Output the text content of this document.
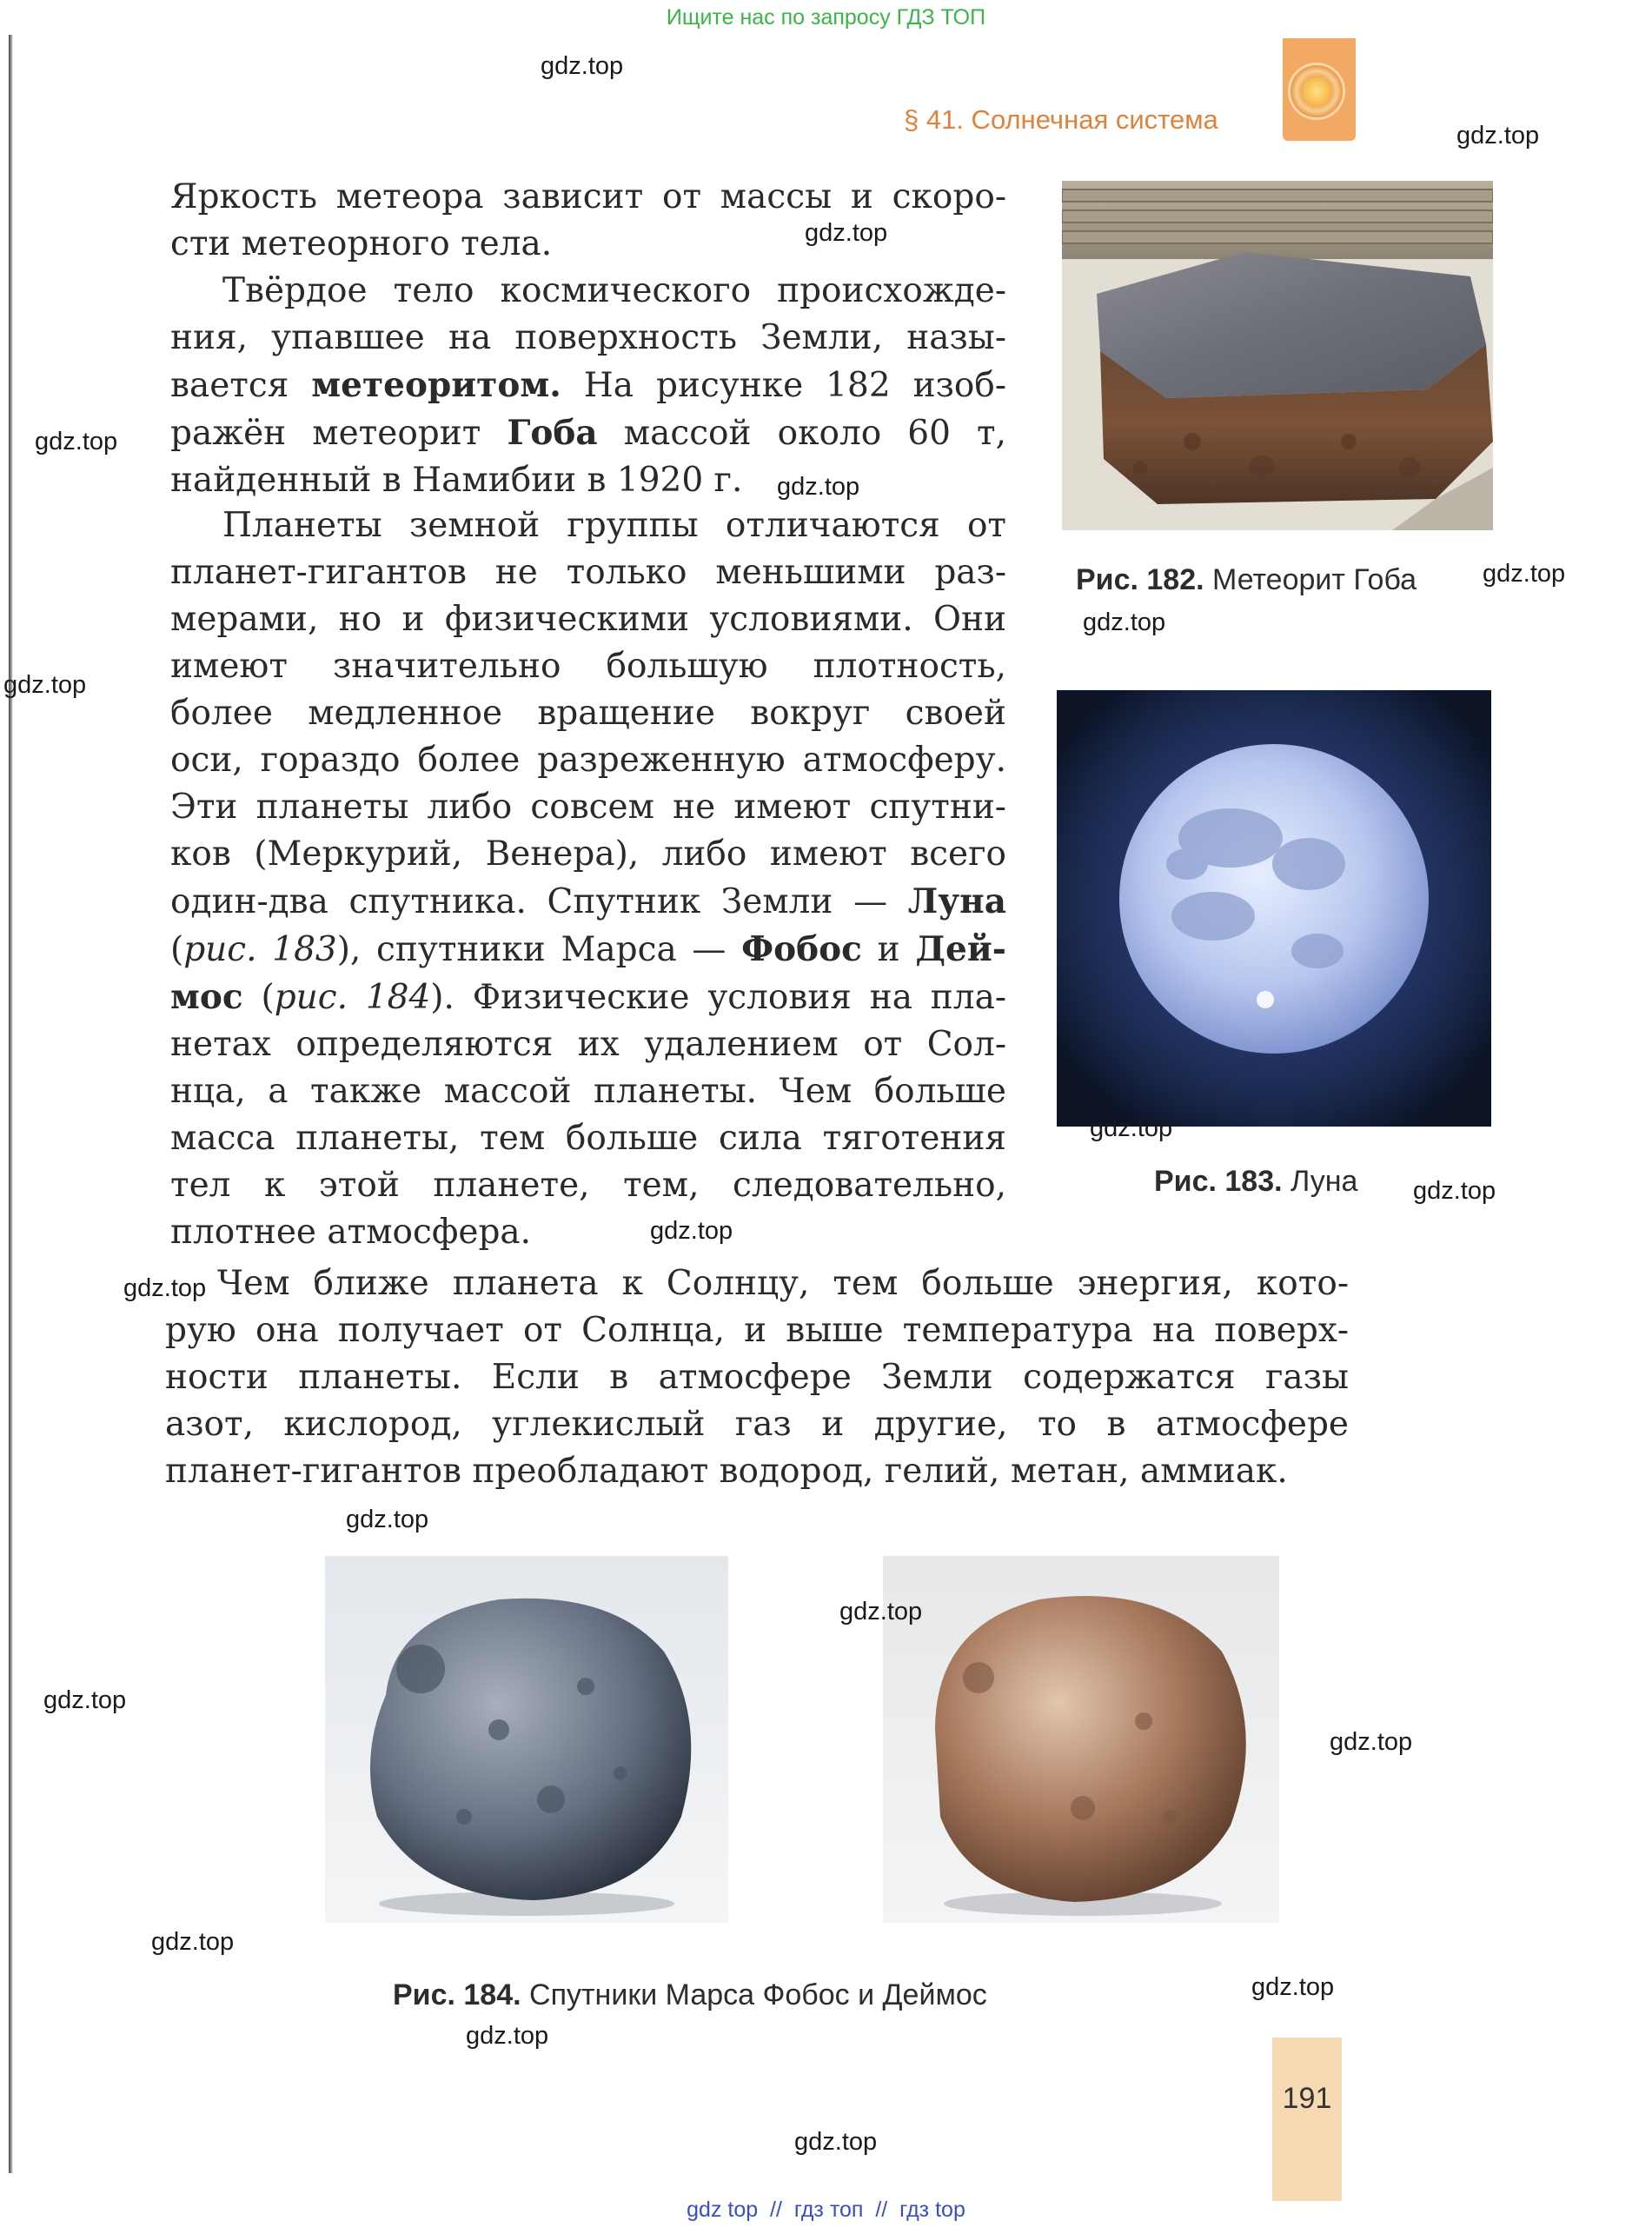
Ищите нас по запросу ГДЗ ТОП
§ 41. Солнечная система

Яркость метеора зависит от массы и скоро-

сти метеорного тела.

Твёрдое тело космического происхожде-

ния, упавшее на поверхность Земли, назы-

вается метеоритом. На рисунке 182 изоб-

ражён метеорит Гоба массой около 60 т,

найденный в Намибии в 1920 г.

Планеты земной группы отличаются от

планет-гигантов не только меньшими раз-

мерами, но и физическими условиями. Они

имеют значительно большую плотность,

более медленное вращение вокруг своей

оси, гораздо более разреженную атмосферу.

Эти планеты либо совсем не имеют спутни-

ков (Меркурий, Венера), либо имеют всего

один-два спутника. Спутник Земли — Луна

(рис. 183), спутники Марса — Фобос и Дей-

мос (рис. 184). Физические условия на пла-

нетах определяются их удалением от Сол-

нца, а также массой планеты. Чем больше

масса планеты, тем больше сила тяготения

тел к этой планете, тем, следовательно,

плотнее атмосфера.

Чем ближе планета к Солнцу, тем больше энергия, кото-

рую она получает от Солнца, и выше температура на поверх-

ности планеты. Если в атмосфере Земли содержатся газы

азот, кислород, углекислый газ и другие, то в атмосфере

планет-гигантов преобладают водород, гелий, метан, аммиак.

Рис. 182. Метеорит Гоба
Рис. 183. Луна
Рис. 184. Спутники Марса Фобос и Деймос
191
gdz.top
gdz.top
gdz.top
gdz.top
gdz.top
gdz.top
gdz.top
gdz.top
gdz.top
gdz.top
gdz.top
gdz.top
gdz.top
gdz.top
gdz.top
gdz.top
gdz.top
gdz.top
gdz.top
gdz.top
gdz top  //  гдз топ  //  гдз top
